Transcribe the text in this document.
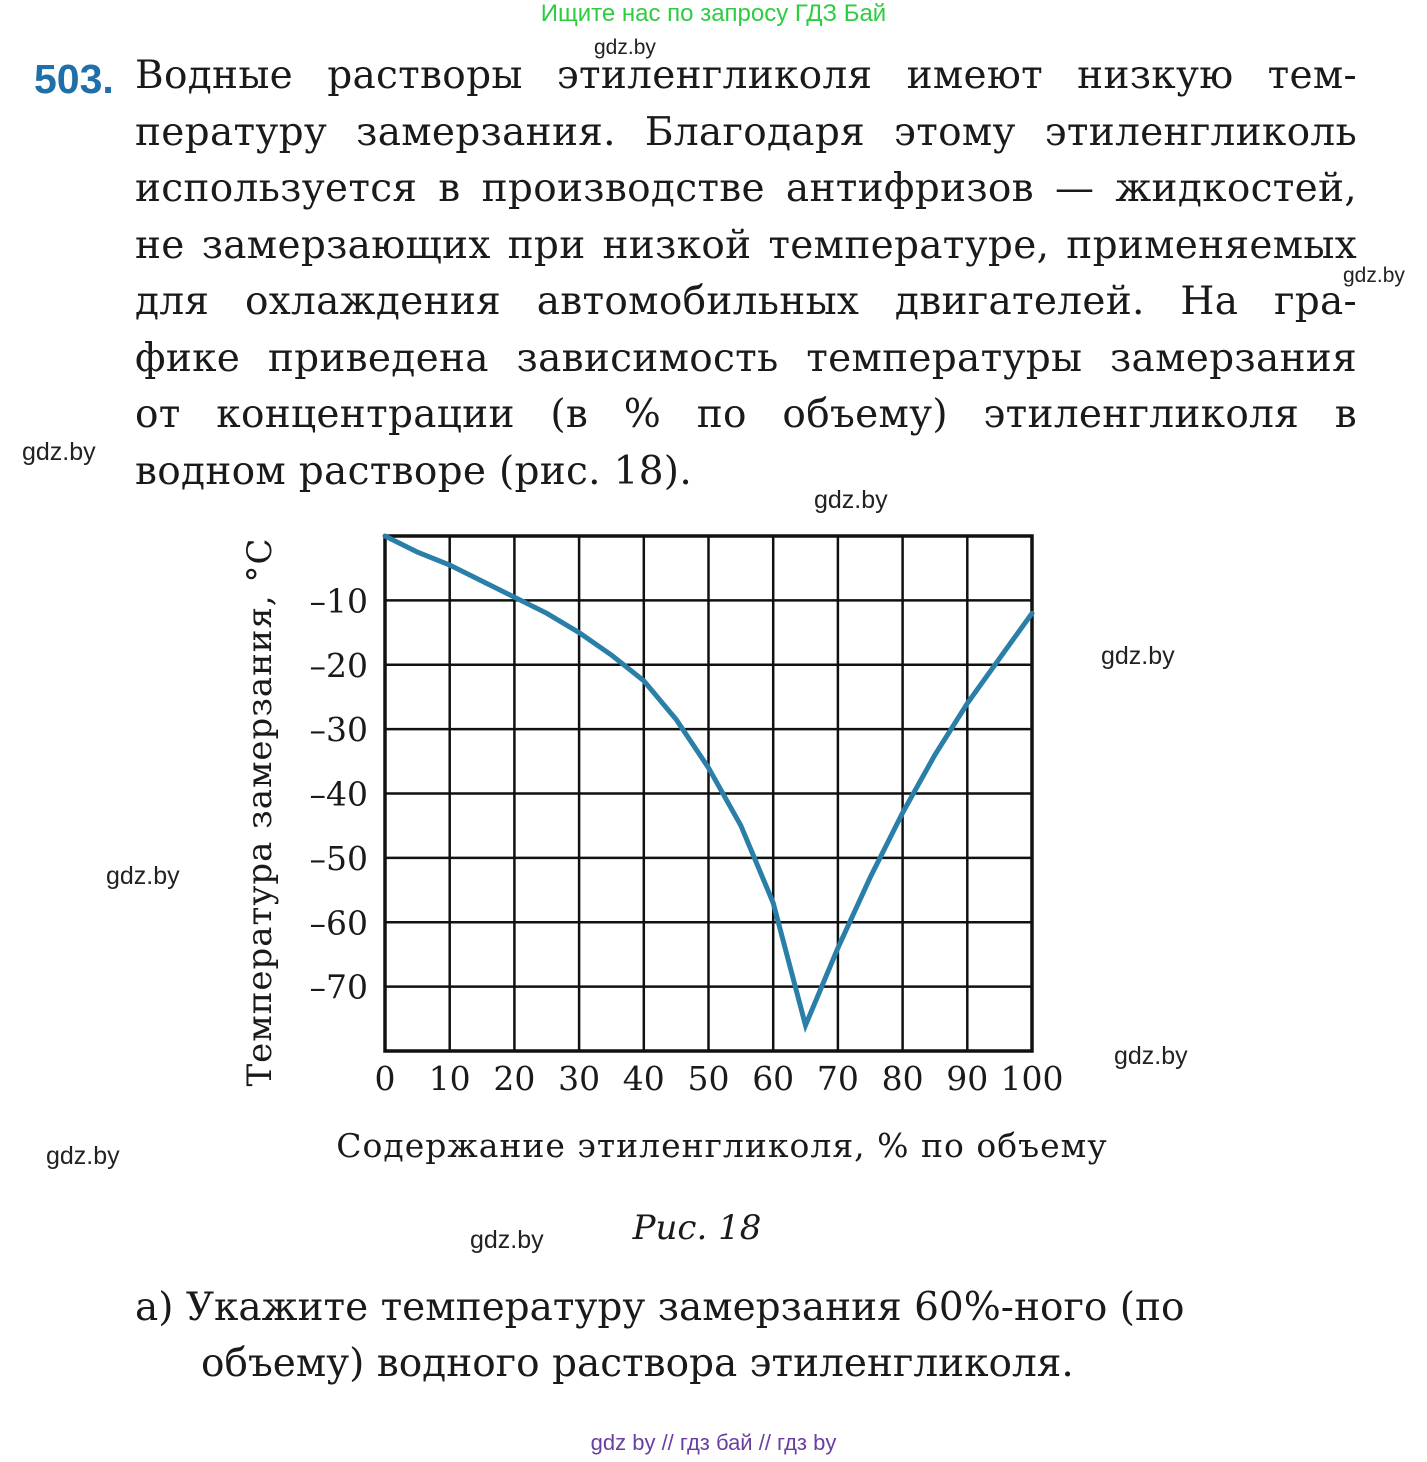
Ищите нас по запросу ГДЗ Бай
gdz.by
gdz.by
gdz.by
gdz.by
gdz.by
gdz.by
gdz.by
gdz.by
gdz.by
503. Водные растворы этиленгликоля имеют низкую тем-
пературу замерзания. Благодаря этому этиленгликоль
используется в производстве антифризов — жидкостей,
не замерзающих при низкой температуре, применяемых
для охлаждения автомобильных двигателей. На гра-
фике приведена зависимость температуры замерзания
от концентрации (в % по объему) этиленгликоля в
водном растворе (рис. 18).
0 10 20 30 40 50 60 70 80 90 100
–10
–20
–30
–40
–50
–60
–70
Температура замерзания, °C
Содержание этиленгликоля, % по объему
Рис. 18
а) Укажите температуру замерзания 60%-ного (по
объему) водного раствора этиленгликоля.
gdz by // гдз бай // гдз by
